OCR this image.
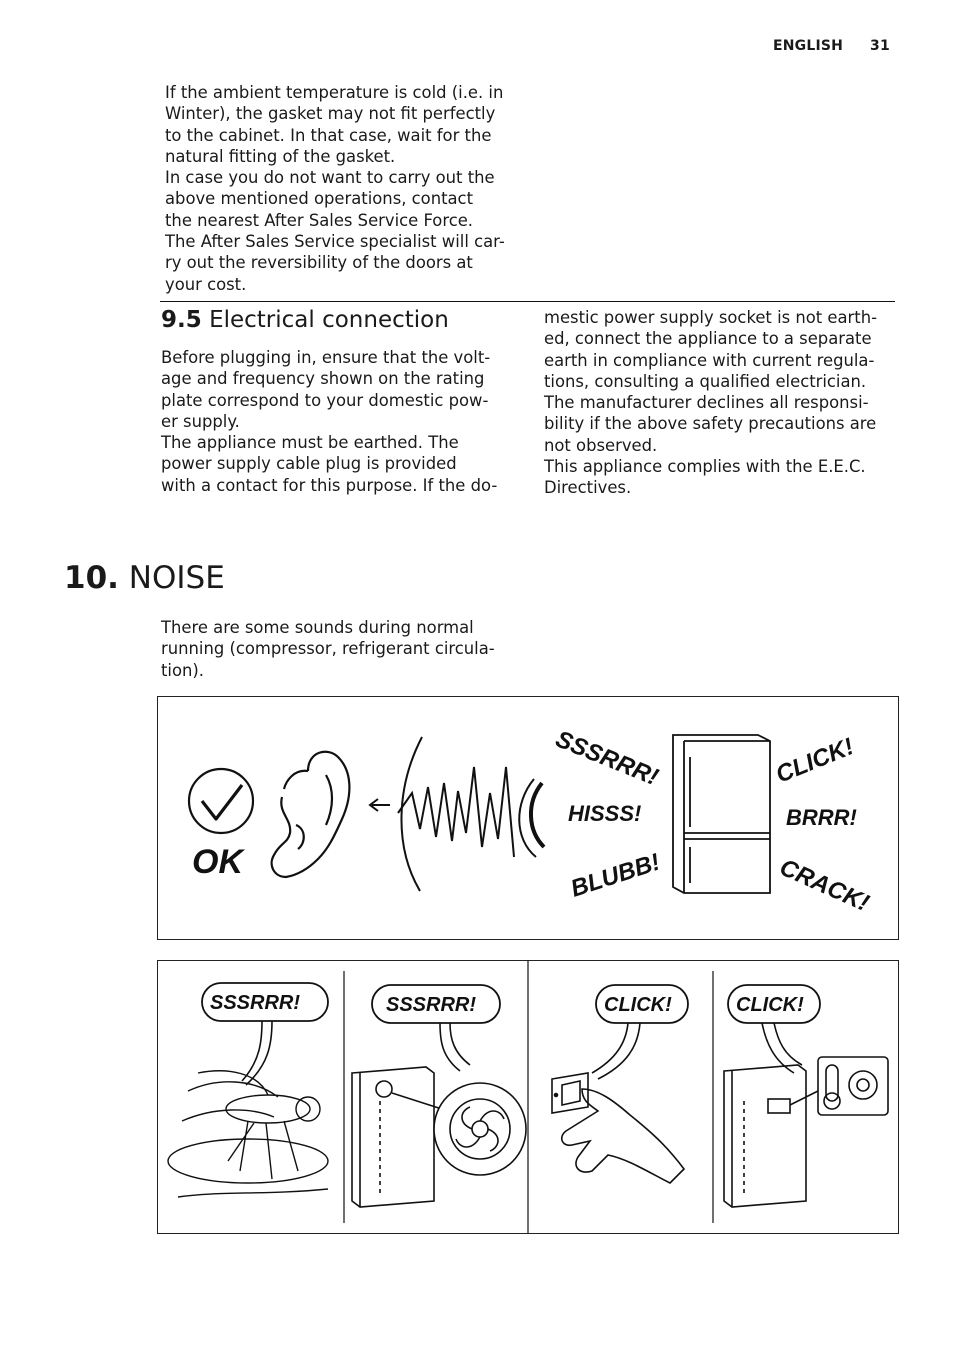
ENGLISH 31

If the ambient temperature is cold (i.e. in

Winter), the gasket may not fit perfectly

to the cabinet. In that case, wait for the

natural fitting of the gasket.

In case you do not want to carry out the

above mentioned operations, contact

the nearest After Sales Service Force.

The After Sales Service specialist will car-

ry out the reversibility of the doors at

your cost.

9.5 Electrical connection

Before plugging in, ensure that the volt-

age and frequency shown on the rating

plate correspond to your domestic pow-

er supply.

The appliance must be earthed. The

power supply cable plug is provided

with a contact for this purpose. If the do-

mestic power supply socket is not earth-

ed, connect the appliance to a separate

earth in compliance with current regula-

tions, consulting a qualified electrician.

The manufacturer declines all responsi-

bility if the above safety precautions are

not observed.

This appliance complies with the E.E.C.

Directives.

10. NOISE

There are some sounds during normal

running (compressor, refrigerant circula-

tion).

OK
SSSRRR!
HISSS!
BLUBB!
CLICK!
BRRR!
CRACK!
SSSRRR!	SSSRRR!	CLICK!	CLICK!
